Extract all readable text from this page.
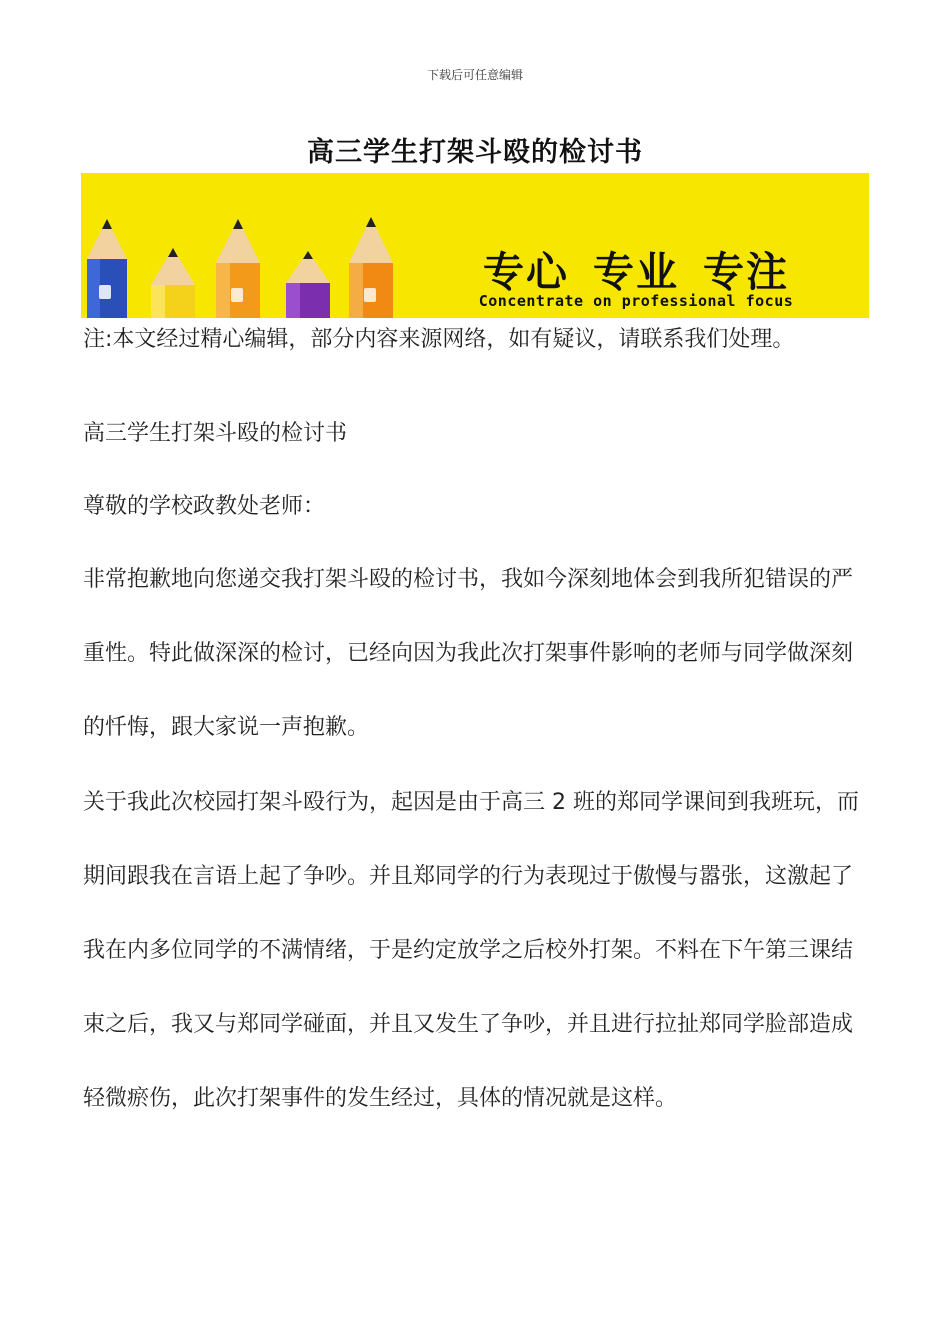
下载后可任意编辑
高三学生打架斗殴的检讨书
专心 专业 专注
Concentrate on professional focus
注:本文经过精心编辑，部分内容来源网络，如有疑议，请联系我们处理。

高三学生打架斗殴的检讨书

尊敬的学校政教处老师：

非常抱歉地向您递交我打架斗殴的检讨书，我如今深刻地体会到我所犯错误的严重性。特此做深深的检讨，已经向因为我此次打架事件影响的老师与同学做深刻的忏悔，跟大家说一声抱歉。

关于我此次校园打架斗殴行为，起因是由于高三 2 班的郑同学课间到我班玩，而期间跟我在言语上起了争吵。并且郑同学的行为表现过于傲慢与嚣张，这激起了我在内多位同学的不满情绪，于是约定放学之后校外打架。不料在下午第三课结束之后，我又与郑同学碰面，并且又发生了争吵，并且进行拉扯郑同学脸部造成轻微瘀伤，此次打架事件的发生经过，具体的情况就是这样。
